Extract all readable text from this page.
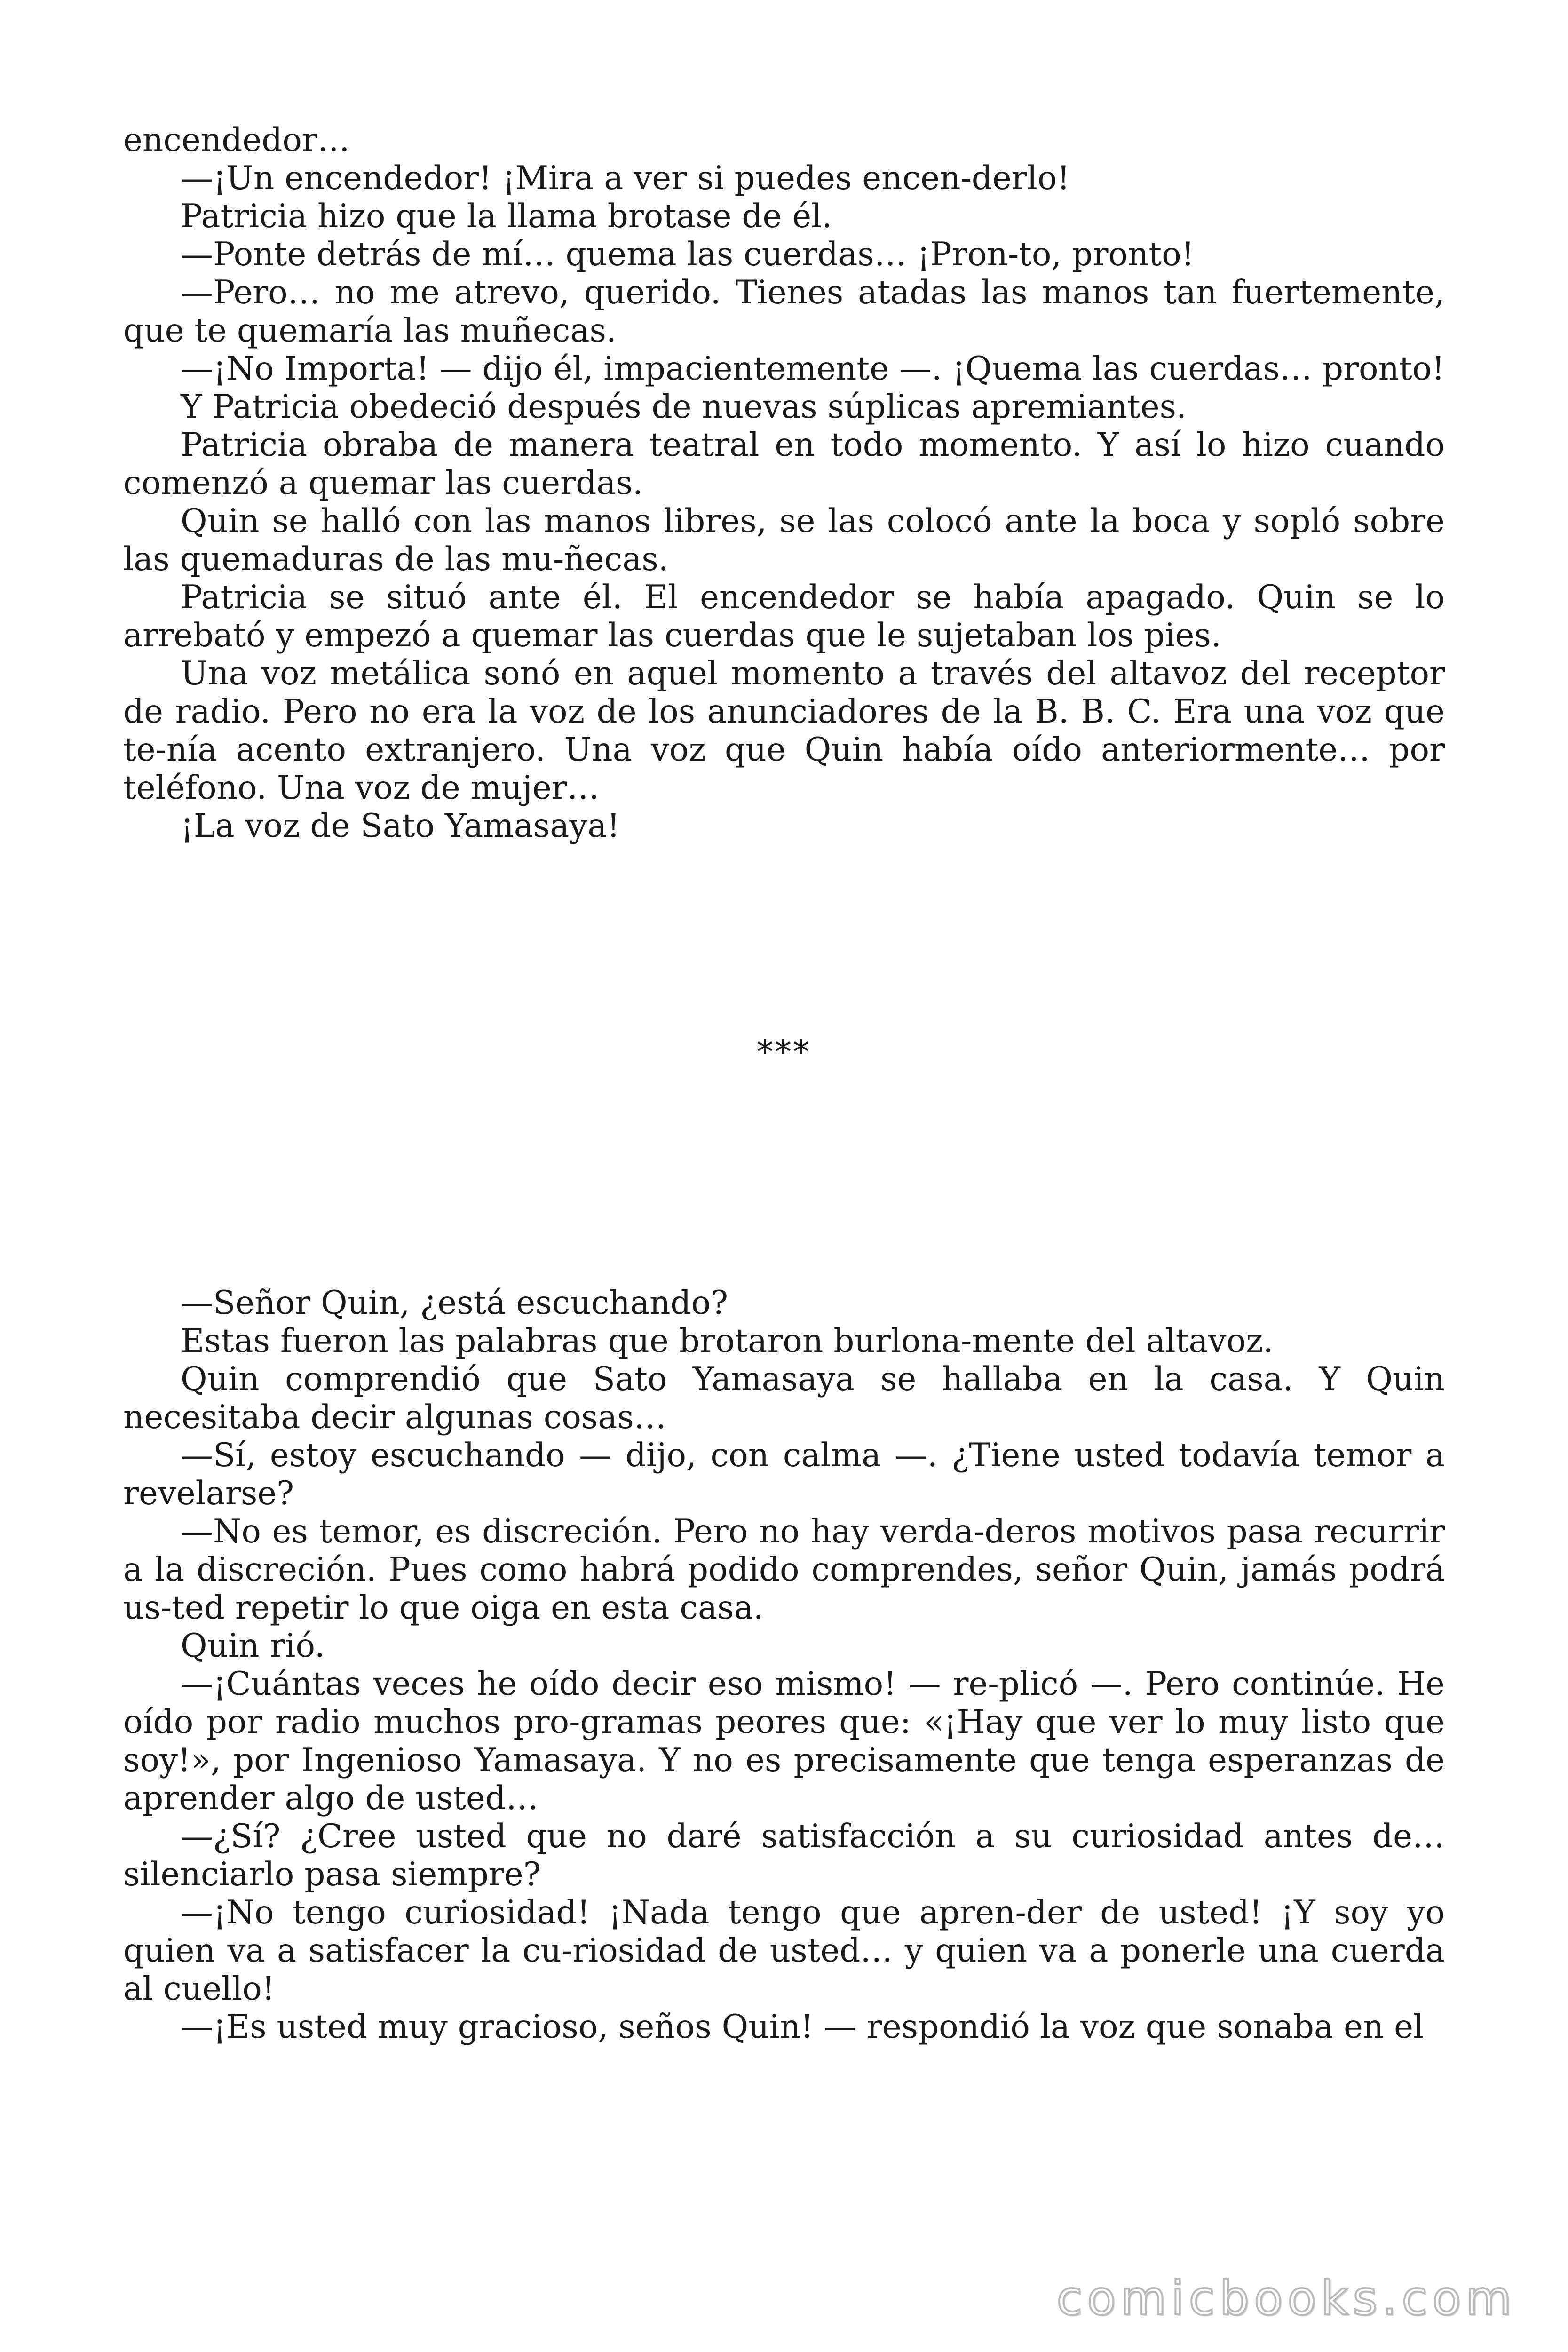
encendedor…

—¡Un encendedor! ¡Mira a ver si puedes encen-derlo!

Patricia hizo que la llama brotase de él.

—Ponte detrás de mí… quema las cuerdas… ¡Pron-to, pronto!

—Pero… no me atrevo, querido. Tienes atadas las manos tan fuertemente, que te quemaría las muñecas.

—¡No Importa! — dijo él, impacientemente —. ¡Quema las cuerdas… pronto!

Y Patricia obedeció después de nuevas súplicas apremiantes.

Patricia obraba de manera teatral en todo momento. Y así lo hizo cuando comenzó a quemar las cuerdas.

Quin se halló con las manos libres, se las colocó ante la boca y sopló sobre las quemaduras de las mu-ñecas.

Patricia se situó ante él. El encendedor se había apagado. Quin se lo arrebató y empezó a quemar las cuerdas que le sujetaban los pies.

Una voz metálica sonó en aquel momento a través del altavoz del receptor de radio. Pero no era la voz de los anunciadores de la B. B. C. Era una voz que te-nía acento extranjero. Una voz que Quin había oído anteriormente… por teléfono. Una voz de mujer…

¡La voz de Sato Yamasaya!

***

—Señor Quin, ¿está escuchando?

Estas fueron las palabras que brotaron burlona-mente del altavoz.

Quin comprendió que Sato Yamasaya se hallaba en la casa. Y Quin necesitaba decir algunas cosas…

—Sí, estoy escuchando — dijo, con calma —. ¿Tiene usted todavía temor a revelarse?

—No es temor, es discreción. Pero no hay verda-deros motivos pasa recurrir a la discreción. Pues como habrá podido comprendes, señor Quin, jamás podrá us-ted repetir lo que oiga en esta casa.

Quin rió.

—¡Cuántas veces he oído decir eso mismo! — re-plicó —. Pero continúe. He oído por radio muchos pro-gramas peores que: «¡Hay que ver lo muy listo que soy!», por Ingenioso Yamasaya. Y no es precisamente que tenga esperanzas de aprender algo de usted…

—¿Sí? ¿Cree usted que no daré satisfacción a su curiosidad antes de… silenciarlo pasa siempre?

—¡No tengo curiosidad! ¡Nada tengo que apren-der de usted! ¡Y soy yo quien va a satisfacer la cu-riosidad de usted… y quien va a ponerle una cuerda al cuello!

—¡Es usted muy gracioso, seños Quin! — respondió la voz que sonaba en el

comicbooks.com
